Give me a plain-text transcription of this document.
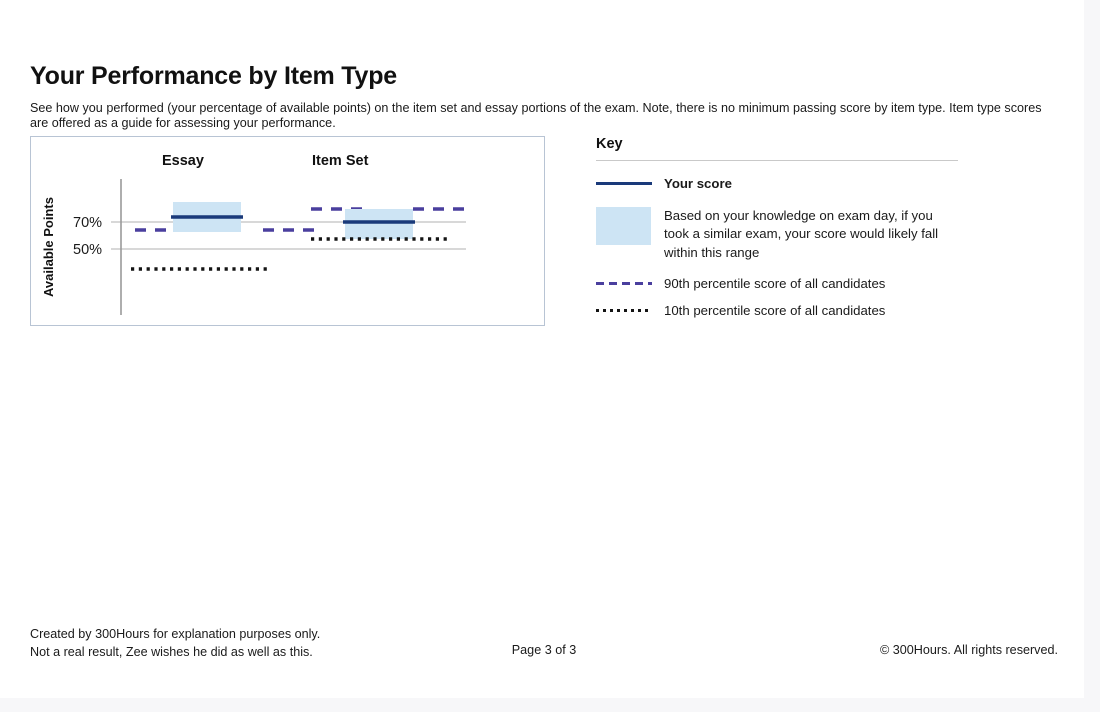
Your Performance by Item Type

See how you performed (your percentage of available points) on the item set and essay portions of the exam. Note, there is no minimum passing score by item type. Item type scores are offered as a guide for assessing your performance.

Essay	Item Set
Available Points 70%
50%
Key
Your score
Based on your knowledge on exam day, if you took a similar exam, your score would likely fall within this range
90th percentile score of all candidates
10th percentile score of all candidates
Created by 300Hours for explanation purposes only.
Not a real result, Zee wishes he did as well as this.	Page 3 of 3	© 300Hours. All rights reserved.
